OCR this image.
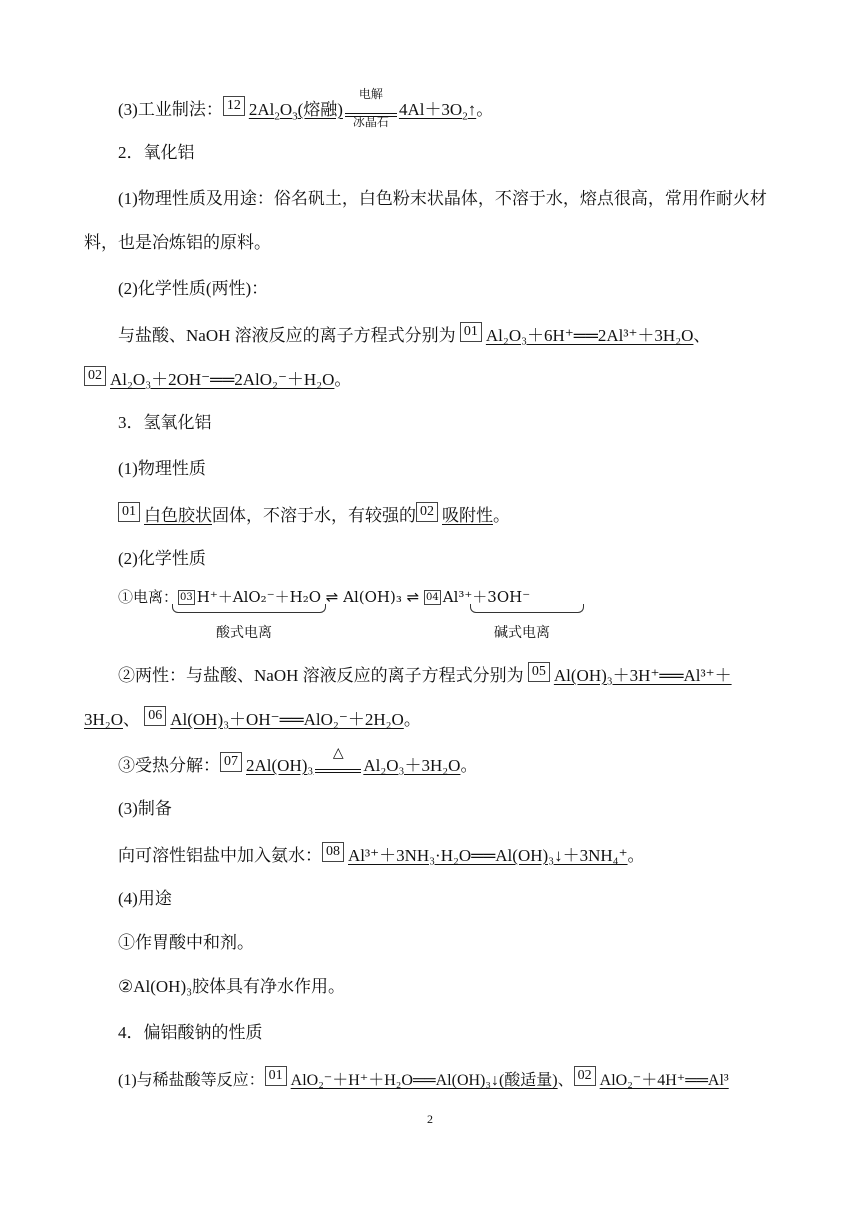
(3)工业制法： 12 $2Al_2O_3$(熔融)
电解
冰晶石
$4Al+3O_2↑$。
2．氧化铝
(1)物理性质及用途：俗名矾土，白色粉末状晶体，不溶于水，熔点很高，常用作耐火材
料，也是冶炼铝的原料。
(2)化学性质(两性)：
与盐酸、NaOH 溶液反应的离子方程式分别为 01 Al₂O₃＋6H⁺══2Al³⁺＋3H₂O、
02 Al₂O₃＋2OH⁻══2AlO₂⁻＋H₂O。
3．氢氧化铝
(1)物理性质
01 白色胶状固体，不溶于水，有较强的 02 吸附性。
(2)化学性质
①电离： 03 H⁺＋AlO₂⁻＋H₂O ⇌ Al(OH)₃ ⇌ 04 Al³⁺＋3OH⁻
酸式电离	碱式电离
②两性：与盐酸、NaOH 溶液反应的离子方程式分别为 05 Al(OH)₃＋3H⁺══Al³⁺＋
3H₂O、 06 Al(OH)₃＋OH⁻══AlO₂⁻＋2H₂O。
③受热分解： 07 2Al(OH)₃
△
Al₂O₃＋3H₂O。
(3)制备
向可溶性铝盐中加入氨水： 08 Al³⁺＋3NH₃·H₂O══Al(OH)₃↓＋3NH₄⁺。
(4)用途
①作胃酸中和剂。
②Al(OH)₃胶体具有净水作用。
4．偏铝酸钠的性质
(1)与稀盐酸等反应： 01 AlO₂⁻＋H⁺＋H₂O══Al(OH)₃↓(酸适量)、 02 AlO₂⁻＋4H⁺══Al³
2
